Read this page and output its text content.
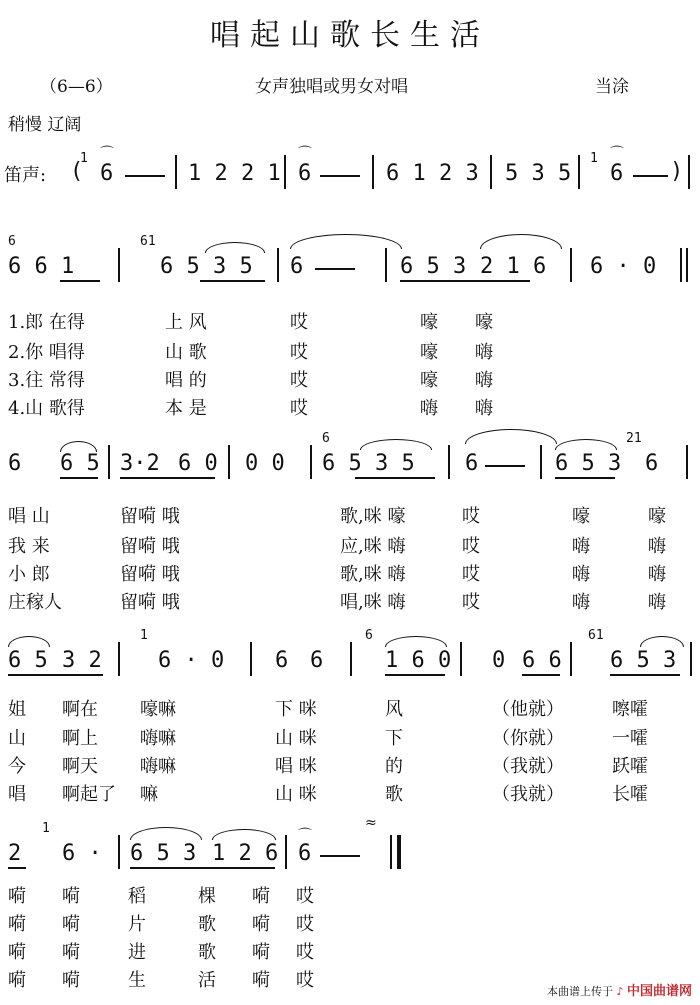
唱起山歌长生活
（6—6）	女声独唱或男女对唱	当涂
稍慢 辽阔
笛声: (
1 ⌒
6	1 2 2 1
⌒
6	6 1 2 3 5 3 5
1 ⌒
6 )
6
6 6 1
61
6 5 3 5 6	6 5 3 2 1 6 6 · 0
1.郎 在得	上 风	哎	嚎 嚎
2.你 唱得	山 歌	哎	嚎 嗨
3.往 常得	唱 的	哎	嚎 嗨
4.山 歌得	本 是	哎	嗨 嗨
6 6 5 3·2 6 0 0 0
6
6 5 3 5 6	6 5 3
21
6
唱 山	留嗬 哦	歌,咪 嚎	哎	嚎	嚎
我 来	留嗬 哦	应,咪 嗨	哎	嗨	嗨
小 郎	留嗬 哦	歌,咪 嗨	哎	嗨	嗨
庄稼人	留嗬 哦	唱,咪 嗨	哎	嗨	嗨
6 5 3 2
1
6 · 0 6 6
6
1 6 0 0 6 6
61
6 5 3
姐 啊在 嚎嘛	下 咪	风	（他就）	嚓嚯
山 啊上 嗨嘛	山 咪	下	（你就）	一嚯
今 啊天 嗨嘛	唱 咪	的	（我就）	跃嚯
唱 啊起了 嘛	山 咪	歌	（我就）	长嚯
2
1
6 · 6 5 3 1 2 6
⌒
6
≈
嗬 嗬	稻	棵 嗬 哎
嗬 嗬	片	歌 嗬 哎
嗬 嗬	进	歌 嗬 哎
嗬 嗬	生	活 嗬 哎
本曲谱上传于 ♪ 中国曲谱网
